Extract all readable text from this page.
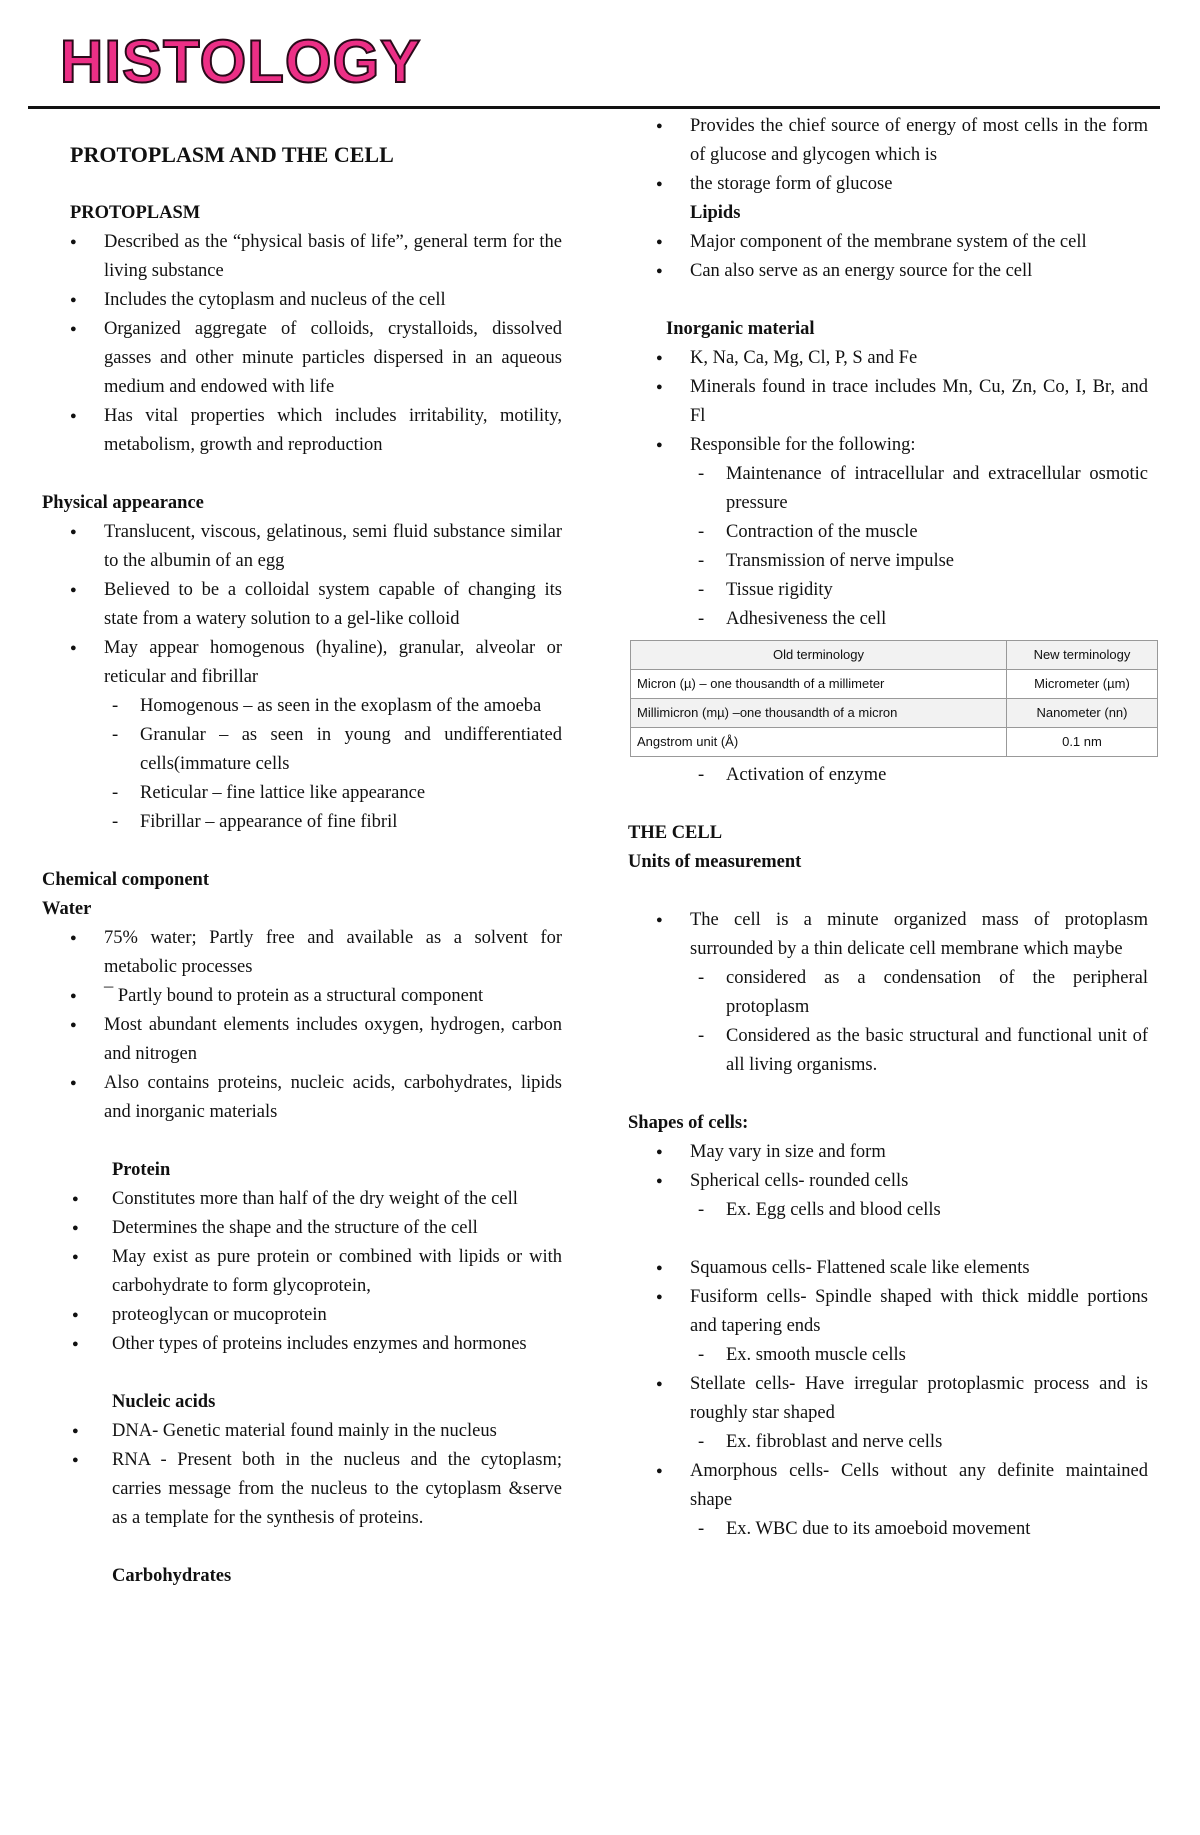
HISTOLOGY
PROTOPLASM AND THE CELL
PROTOPLASM
● Described as the “physical basis of life”, general term for the living substance
● Includes the cytoplasm and nucleus of the cell
● Organized aggregate of colloids, crystalloids, dissolved gasses and other minute particles dispersed in an aqueous medium and endowed with life
● Has vital properties which includes irritability, motility, metabolism, growth and reproduction
Physical appearance
● Translucent, viscous, gelatinous, semi fluid substance similar to the albumin of an egg
● Believed to be a colloidal system capable of changing its state from a watery solution to a gel-like colloid
● May appear homogenous (hyaline), granular, alveolar or reticular and fibrillar
- Homogenous – as seen in the exoplasm of the amoeba
- Granular – as seen in young and undifferentiated cells(immature cells
- Reticular – fine lattice like appearance
- Fibrillar – appearance of fine fibril
Chemical component
Water
● 75% water; Partly free and available as a solvent for metabolic processes
● ¯ Partly bound to protein as a structural component
● Most abundant elements includes oxygen, hydrogen, carbon and nitrogen
● Also contains proteins, nucleic acids, carbohydrates, lipids and inorganic materials
Protein
● Constitutes more than half of the dry weight of the cell
● Determines the shape and the structure of the cell
● May exist as pure protein or combined with lipids or with carbohydrate to form glycoprotein,
● proteoglycan or mucoprotein
● Other types of proteins includes enzymes and hormones
Nucleic acids
● DNA- Genetic material found mainly in the nucleus
● RNA - Present both in the nucleus and the cytoplasm; carries message from the nucleus to the cytoplasm &serve as a template for the synthesis of proteins.
Carbohydrates
● Provides the chief source of energy of most cells in the form of glucose and glycogen which is
● the storage form of glucose
Lipids
● Major component of the membrane system of the cell
● Can also serve as an energy source for the cell
Inorganic material
● K, Na, Ca, Mg, Cl, P, S and Fe
● Minerals found in trace includes Mn, Cu, Zn, Co, I, Br, and Fl
● Responsible for the following:
- Maintenance of intracellular and extracellular osmotic pressure
- Contraction of the muscle
- Transmission of nerve impulse
- Tissue rigidity
- Adhesiveness the cell
Old terminology	New terminology
Micron (µ) – one thousandth of a millimeter	Micrometer (µm)
Millimicron (mµ) –one thousandth of a micron	Nanometer (nn)
Angstrom unit (Å)	0.1 nm
- Activation of enzyme
THE CELL
Units of measurement
● The cell is a minute organized mass of protoplasm surrounded by a thin delicate cell membrane which maybe
- considered as a condensation of the peripheral protoplasm
- Considered as the basic structural and functional unit of all living organisms.
Shapes of cells:
● May vary in size and form
● Spherical cells- rounded cells
- Ex. Egg cells and blood cells
● Squamous cells- Flattened scale like elements
● Fusiform cells- Spindle shaped with thick middle portions and tapering ends
- Ex. smooth muscle cells
● Stellate cells- Have irregular protoplasmic process and is roughly star shaped
- Ex. fibroblast and nerve cells
● Amorphous cells- Cells without any definite maintained shape
- Ex. WBC due to its amoeboid movement
